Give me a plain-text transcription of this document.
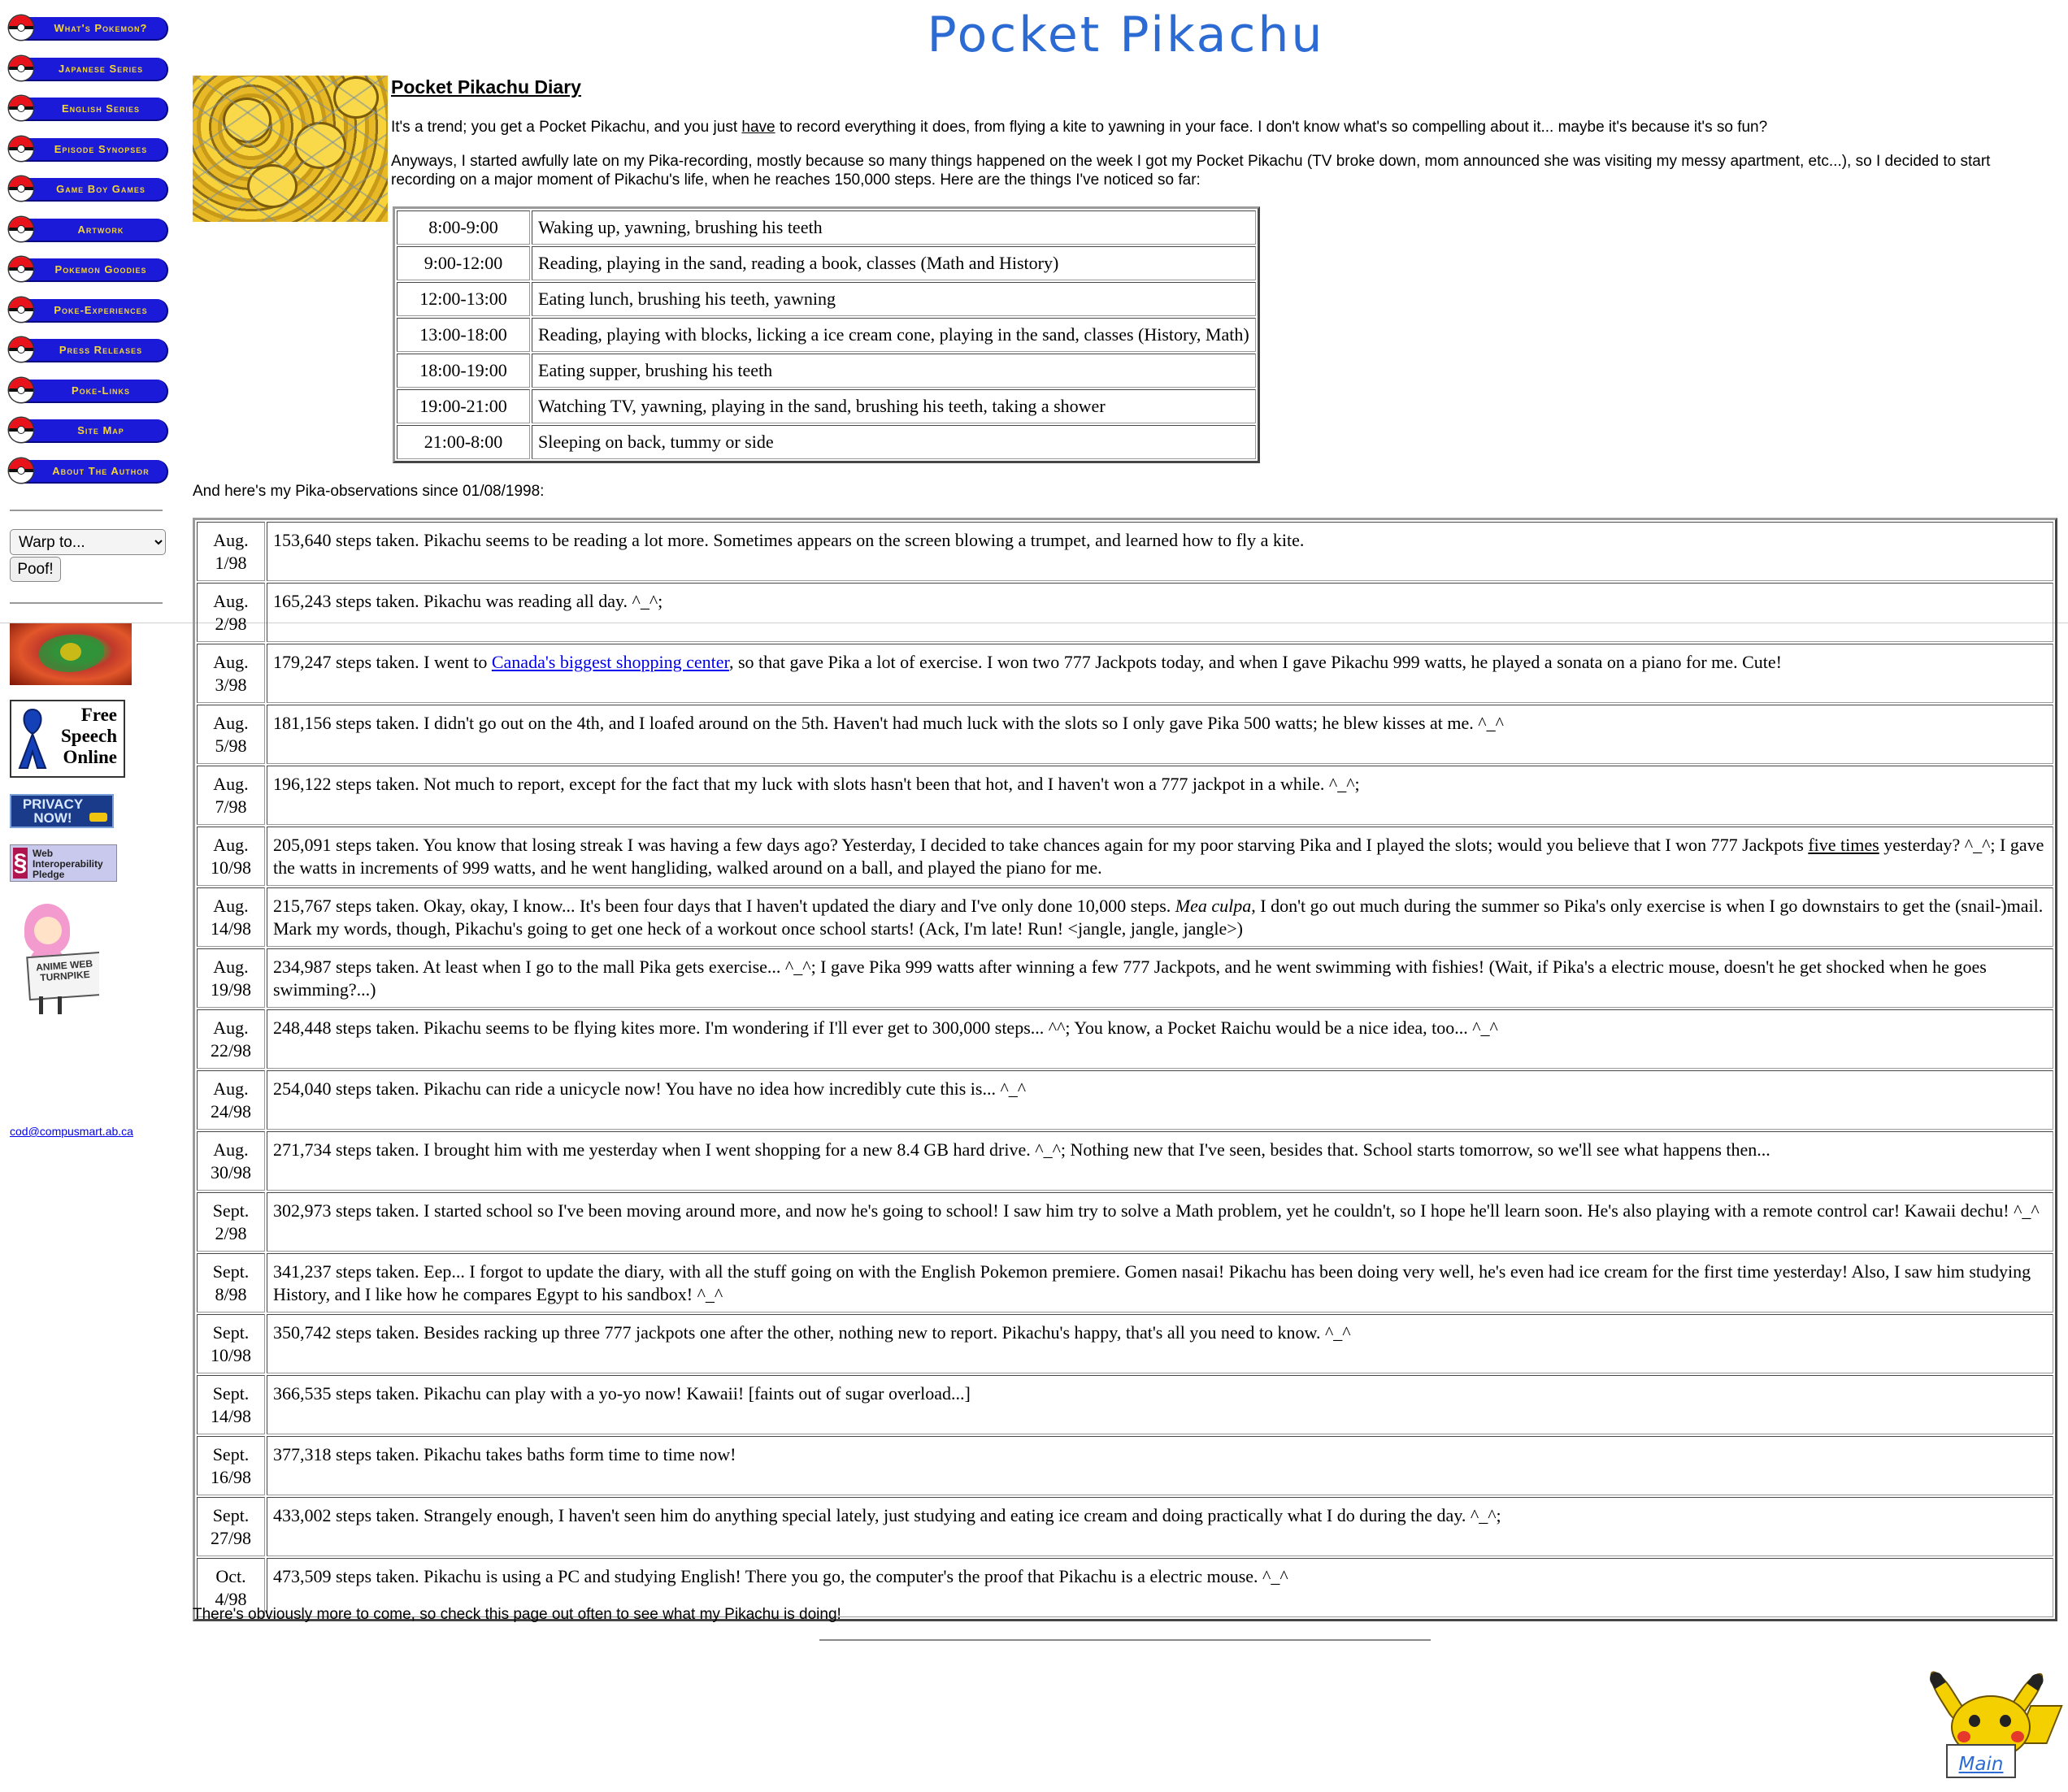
What's Pokemon?
Japanese Series
English Series
Episode Synopses
Game Boy Games
Artwork
Pokemon Goodies
Poke-Experiences
Press Releases
Poke-Links
Site Map
About The Author
Warp to...
Poof!
Free
Speech
Online
PRIVACY NOW!
§ Web
Interoperability
Pledge
ANIME WEB TURNPIKE
cod@compusmart.ab.ca
Pocket Pikachu
Pocket Pikachu Diary

It's a trend; you get a Pocket Pikachu, and you just have to record everything it does, from flying a kite to yawning in your face. I don't know what's so compelling about it... maybe it's because it's so fun?

Anyways, I started awfully late on my Pika-recording, mostly because so many things happened on the week I got my Pocket Pikachu (TV broke down, mom announced she was visiting my messy apartment, etc...), so I decided to start recording on a major moment of Pikachu's life, when he reaches 150,000 steps. Here are the things I've noticed so far:

8:00-9:00	Waking up, yawning, brushing his teeth
9:00-12:00	Reading, playing in the sand, reading a book, classes (Math and History)
12:00-13:00	Eating lunch, brushing his teeth, yawning
13:00-18:00	Reading, playing with blocks, licking a ice cream cone, playing in the sand, classes (History, Math)
18:00-19:00	Eating supper, brushing his teeth
19:00-21:00	Watching TV, yawning, playing in the sand, brushing his teeth, taking a shower
21:00-8:00	Sleeping on back, tummy or side
And here's my Pika-observations since 01/08/1998:
Aug.
1/98	153,640 steps taken. Pikachu seems to be reading a lot more. Sometimes appears on the screen blowing a trumpet, and learned how to fly a kite.
Aug.
2/98	165,243 steps taken. Pikachu was reading all day. ^_^;
Aug.
3/98	179,247 steps taken. I went to Canada's biggest shopping center, so that gave Pika a lot of exercise. I won two 777 Jackpots today, and when I gave Pikachu 999 watts, he played a sonata on a piano for me. Cute!
Aug.
5/98	181,156 steps taken. I didn't go out on the 4th, and I loafed around on the 5th. Haven't had much luck with the slots so I only gave Pika 500 watts; he blew kisses at me. ^_^
Aug.
7/98	196,122 steps taken. Not much to report, except for the fact that my luck with slots hasn't been that hot, and I haven't won a 777 jackpot in a while. ^_^;
Aug.
10/98	205,091 steps taken. You know that losing streak I was having a few days ago? Yesterday, I decided to take chances again for my poor starving Pika and I played the slots; would you believe that I won 777 Jackpots five times yesterday? ^_^; I gave the watts in increments of 999 watts, and he went hangliding, walked around on a ball, and played the piano for me.
Aug.
14/98	215,767 steps taken. Okay, okay, I know... It's been four days that I haven't updated the diary and I've only done 10,000 steps. Mea culpa, I don't go out much during the summer so Pika's only exercise is when I go downstairs to get the (snail-)mail. Mark my words, though, Pikachu's going to get one heck of a workout once school starts! (Ack, I'm late! Run! <jangle, jangle, jangle>)
Aug.
19/98	234,987 steps taken. At least when I go to the mall Pika gets exercise... ^_^; I gave Pika 999 watts after winning a few 777 Jackpots, and he went swimming with fishies! (Wait, if Pika's a electric mouse, doesn't he get shocked when he goes swimming?...)
Aug.
22/98	248,448 steps taken. Pikachu seems to be flying kites more. I'm wondering if I'll ever get to 300,000 steps... ^^; You know, a Pocket Raichu would be a nice idea, too... ^_^
Aug.
24/98	254,040 steps taken. Pikachu can ride a unicycle now! You have no idea how incredibly cute this is... ^_^
Aug.
30/98	271,734 steps taken. I brought him with me yesterday when I went shopping for a new 8.4 GB hard drive. ^_^; Nothing new that I've seen, besides that. School starts tomorrow, so we'll see what happens then...
Sept.
2/98	302,973 steps taken. I started school so I've been moving around more, and now he's going to school! I saw him try to solve a Math problem, yet he couldn't, so I hope he'll learn soon. He's also playing with a remote control car! Kawaii dechu! ^_^
Sept.
8/98	341,237 steps taken. Eep... I forgot to update the diary, with all the stuff going on with the English Pokemon premiere. Gomen nasai! Pikachu has been doing very well, he's even had ice cream for the first time yesterday! Also, I saw him studying History, and I like how he compares Egypt to his sandbox! ^_^
Sept.
10/98	350,742 steps taken. Besides racking up three 777 jackpots one after the other, nothing new to report. Pikachu's happy, that's all you need to know. ^_^
Sept.
14/98	366,535 steps taken. Pikachu can play with a yo-yo now! Kawaii! [faints out of sugar overload...]
Sept.
16/98	377,318 steps taken. Pikachu takes baths form time to time now!
Sept.
27/98	433,002 steps taken. Strangely enough, I haven't seen him do anything special lately, just studying and eating ice cream and doing practically what I do during the day. ^_^;
Oct.
4/98	473,509 steps taken. Pikachu is using a PC and studying English! There you go, the computer's the proof that Pikachu is a electric mouse. ^_^
There's obviously more to come, so check this page out often to see what my Pikachu is doing!
Main
